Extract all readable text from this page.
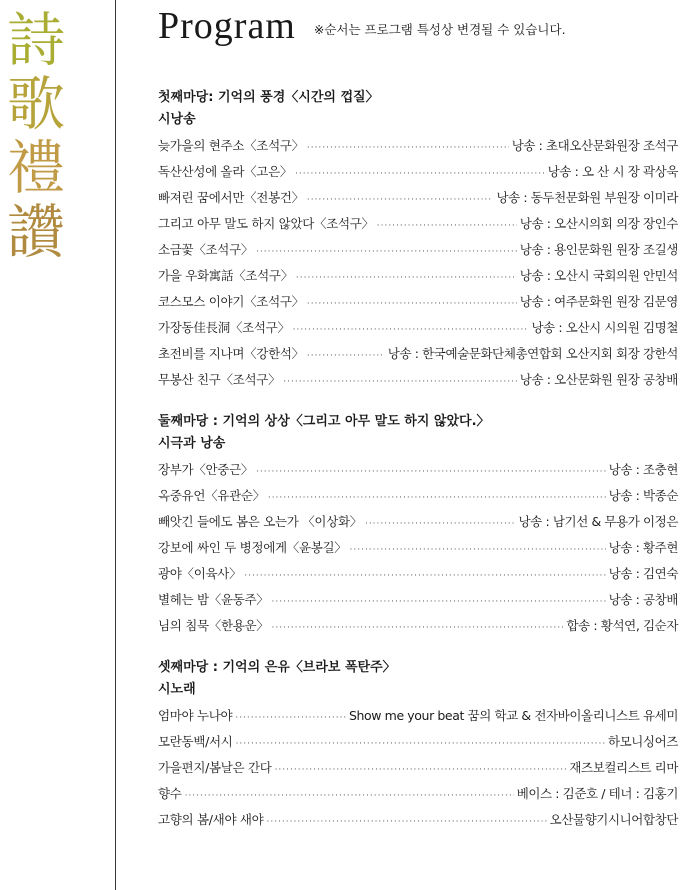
詩
歌
禮
讚
Program ※순서는 프로그램 특성상 변경될 수 있습니다.
첫째마당: 기억의 풍경〈시간의 껍질〉
시낭송
늦가을의 현주소〈조석구〉 ·····	낭송 : 초대오산문화원장 조석구
독산산성에 올라〈고은〉 ·····	낭송 : 오 산 시 장 곽상욱
빠져린 꿈에서만〈전봉건〉 ·····	낭송 : 동두천문화원 부원장 이미라
그리고 아무 말도 하지 않았다〈조석구〉 ·····	낭송 : 오산시의회 의장 장인수
소금꽃〈조석구〉 ·····	낭송 : 용인문화원 원장 조길생
가을 우화寓話〈조석구〉 ·····	낭송 : 오산시 국회의원 안민석
코스모스 이야기〈조석구〉 ·····	낭송 : 여주문화원 원장 김문영
가장동佳長洞〈조석구〉 ·····	낭송 : 오산시 시의원 김명철
초전비를 지나며〈강한석〉 ·····	낭송 : 한국예술문화단체총연합회 오산지회 회장 강한석
무봉산 친구〈조석구〉 ·····	낭송 : 오산문화원 원장 공창배
둘째마당 : 기억의 상상〈그리고 아무 말도 하지 않았다.〉
시극과 낭송
장부가〈안중근〉 ·····	낭송 : 조충현
옥중유언〈유관순〉 ·····	낭송 : 박종순
빼앗긴 들에도 봄은 오는가 〈이상화〉 ·····	낭송 : 남기선 & 무용가 이정은
강보에 싸인 두 병정에게〈윤봉길〉 ·····	낭송 : 황주현
광야〈이육사〉 ·····	낭송 : 김연숙
별헤는 밤〈윤동주〉 ·····	낭송 : 공창배
님의 침묵〈한용운〉 ·····	합송 : 황석연, 김순자
셋째마당 : 기억의 은유〈브라보 폭탄주〉
시노래
엄마야 누나야 ·····	Show me your beat 꿈의 학교 & 전자바이올리니스트 유세미
모란동백/서시 ·····	하모니싱어즈
가을편지/봄날은 간다 ·····	재즈보컬리스트 리마
향수 ·····	베이스 : 김준호 / 테너 : 김홍기
고향의 봄/새야 새야 ·····	오산물향기시니어합창단
